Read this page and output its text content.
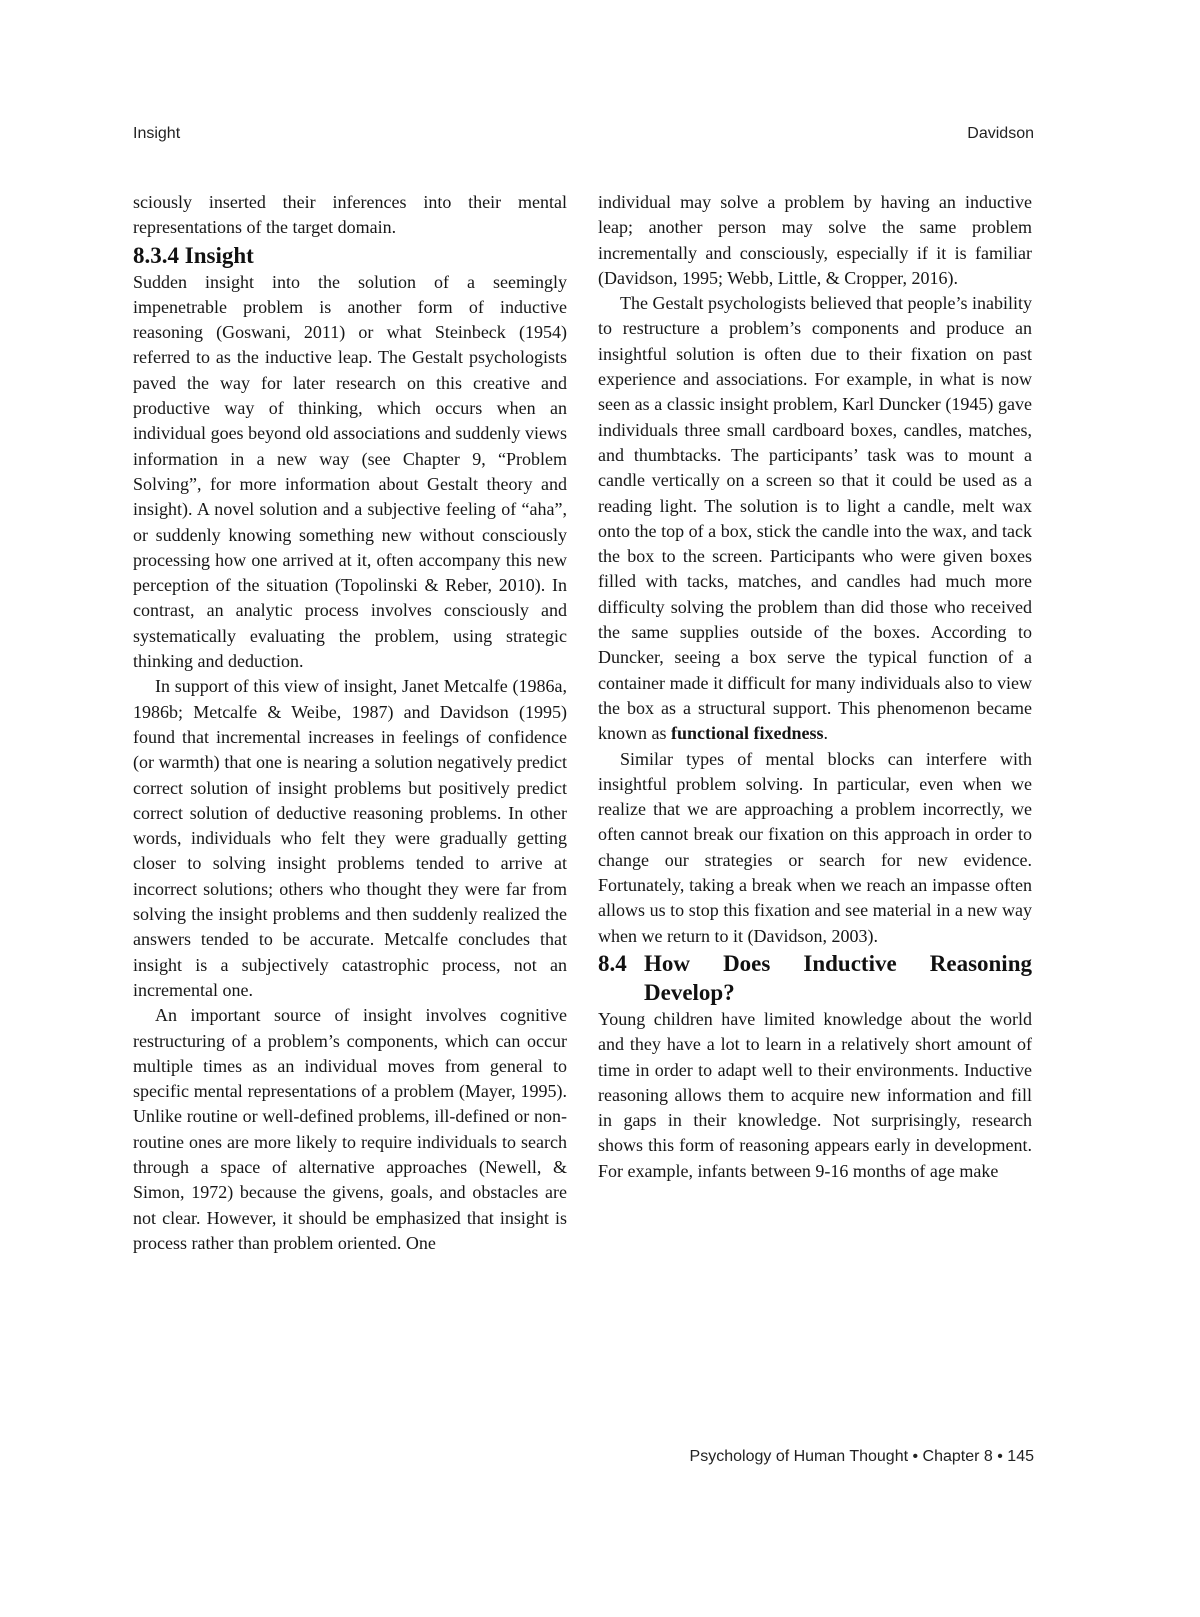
Insight	Davidson

sciously inserted their inferences into their mental representations of the target domain.

8.3.4 Insight

Sudden insight into the solution of a seemingly impenetrable problem is another form of inductive reasoning (Goswani, 2011) or what Steinbeck (1954) referred to as the inductive leap. The Gestalt psychologists paved the way for later research on this creative and productive way of thinking, which occurs when an individual goes beyond old associations and suddenly views information in a new way (see Chapter 9, “Problem Solving”, for more information about Gestalt theory and insight). A novel solution and a subjective feeling of “aha”, or suddenly knowing something new without consciously processing how one arrived at it, often accompany this new perception of the situation (Topolinski & Reber, 2010). In contrast, an analytic process involves consciously and systematically evaluating the problem, using strategic thinking and deduction.

In support of this view of insight, Janet Metcalfe (1986a, 1986b; Metcalfe & Weibe, 1987) and Davidson (1995) found that incremental increases in feelings of confidence (or warmth) that one is nearing a solution negatively predict correct solution of insight problems but positively predict correct solution of deductive reasoning problems. In other words, individuals who felt they were gradually getting closer to solving insight problems tended to arrive at incorrect solutions; others who thought they were far from solving the insight problems and then suddenly realized the answers tended to be accurate. Metcalfe concludes that insight is a subjectively catastrophic process, not an incremental one.

An important source of insight involves cognitive restructuring of a problem’s components, which can occur multiple times as an individual moves from general to specific mental representations of a problem (Mayer, 1995). Unlike routine or well-defined problems, ill-defined or non-routine ones are more likely to require individuals to search through a space of alternative approaches (Newell, & Simon, 1972) because the givens, goals, and obstacles are not clear. However, it should be emphasized that insight is process rather than problem oriented. One

individual may solve a problem by having an inductive leap; another person may solve the same problem incrementally and consciously, especially if it is familiar (Davidson, 1995; Webb, Little, & Cropper, 2016).

The Gestalt psychologists believed that people’s inability to restructure a problem’s components and produce an insightful solution is often due to their fixation on past experience and associations. For example, in what is now seen as a classic insight problem, Karl Duncker (1945) gave individuals three small cardboard boxes, candles, matches, and thumbtacks. The participants’ task was to mount a candle vertically on a screen so that it could be used as a reading light. The solution is to light a candle, melt wax onto the top of a box, stick the candle into the wax, and tack the box to the screen. Participants who were given boxes filled with tacks, matches, and candles had much more difficulty solving the problem than did those who received the same supplies outside of the boxes. According to Duncker, seeing a box serve the typical function of a container made it difficult for many individuals also to view the box as a structural support. This phenomenon became known as functional fixedness.

Similar types of mental blocks can interfere with insightful problem solving. In particular, even when we realize that we are approaching a problem incorrectly, we often cannot break our fixation on this approach in order to change our strategies or search for new evidence. Fortunately, taking a break when we reach an impasse often allows us to stop this fixation and see material in a new way when we return to it (Davidson, 2003).

8.4 How Does Inductive Reasoning Develop?

Young children have limited knowledge about the world and they have a lot to learn in a relatively short amount of time in order to adapt well to their environments. Inductive reasoning allows them to acquire new information and fill in gaps in their knowledge. Not surprisingly, research shows this form of reasoning appears early in development. For example, infants between 9-16 months of age make

Psychology of Human Thought • Chapter 8 • 145
